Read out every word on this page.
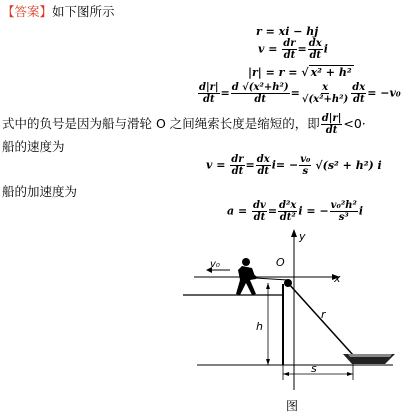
【答案】如下图所示
r = xi − hj
$v = \frac{dr}{dt} = \frac{dx}{dt}$ i
|r| = r = √ x² + h²
$\frac{d|r|}{dt} = \frac{\text{d √(x²+h²)}}{dt} = \frac{x}{\text{√(x²+h²)}} \frac{dx}{dt} = -v_0$
式中的负号是因为船与滑轮 O 之间绳索长度是缩短的，即 $\frac{d|r|}{dt} <0\cdot$
船的速度为
$v = \frac{dr}{dt} = \frac{dx}{dt} i= - \frac{\text{v₀}}{s} √(s^2 + h^2)$ i
船的加速度为
$a = \frac{dv}{dt} = \frac{\text{d²x}}{\text{dt²}}$ i = − $\frac{\text{v₀²h²}}{\text{s³}}$ i
y
O
x
v₀
r
h
s
图
